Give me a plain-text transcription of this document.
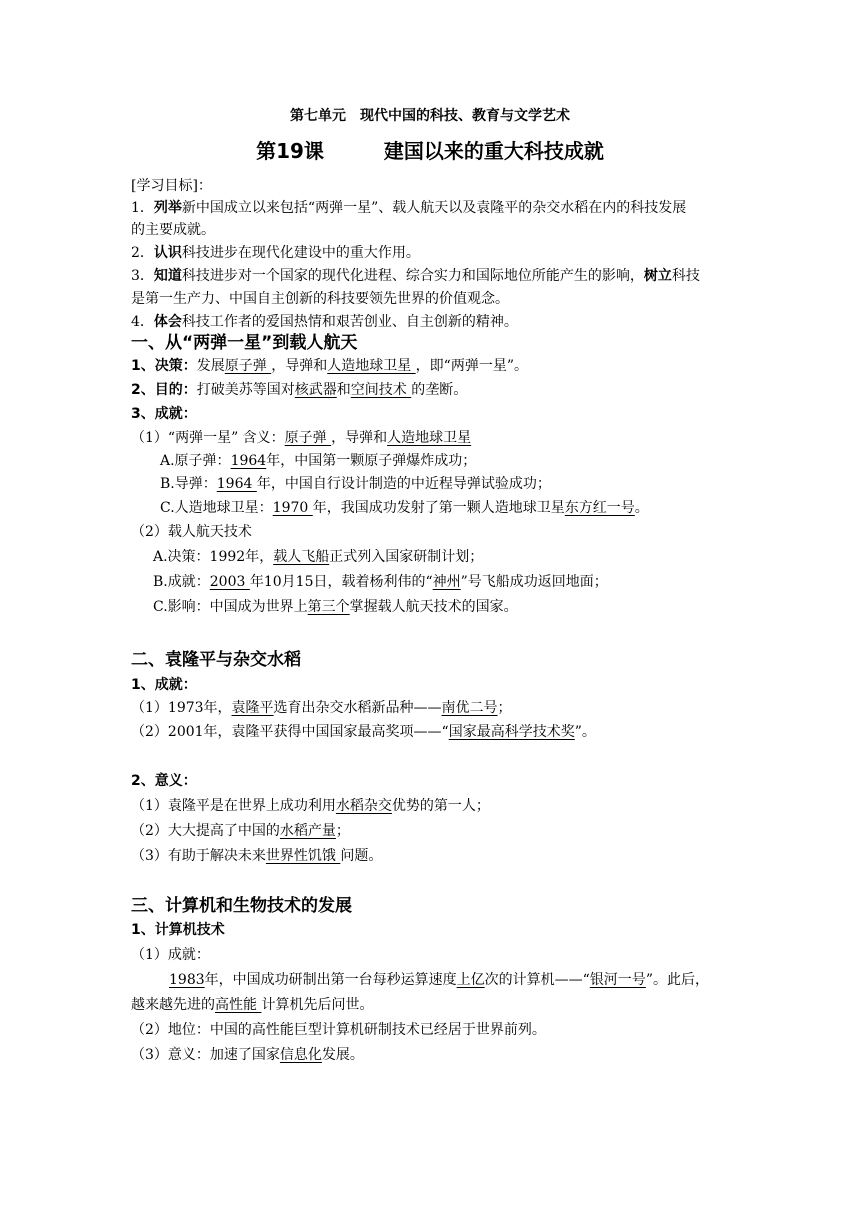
第七单元　现代中国的科技、教育与文学艺术
第19课	建国以来的重大科技成就
[学习目标]：
1．列举新中国成立以来包括“两弹一星”、载人航天以及袁隆平的杂交水稻在内的科技发展
的主要成就。
2．认识科技进步在现代化建设中的重大作用。
3．知道科技进步对一个国家的现代化进程、综合实力和国际地位所能产生的影响，树立科技
是第一生产力、中国自主创新的科技要领先世界的价值观念。
4．体会科技工作者的爱国热情和艰苦创业、自主创新的精神。
一、从“两弹一星”到载人航天
1、决策：发展原子弹 ，导弹和人造地球卫星 ，即“两弹一星”。
2、目的：打破美苏等国对核武器和空间技术 的垄断。
3、成就：
（1）“两弹一星” 含义：原子弹 ，导弹和人造地球卫星
A.原子弹：1964年，中国第一颗原子弹爆炸成功；
B.导弹：1964 年，中国自行设计制造的中近程导弹试验成功；
C.人造地球卫星：1970 年，我国成功发射了第一颗人造地球卫星东方红一号。
（2）载人航天技术
A.决策：1992年，载人飞船正式列入国家研制计划；
B.成就：2003 年10月15日，载着杨利伟的“神州”号飞船成功返回地面；
C.影响：中国成为世界上第三个掌握载人航天技术的国家。
二、袁隆平与杂交水稻
1、成就：
（1）1973年，袁隆平选育出杂交水稻新品种——南优二号；
（2）2001年，袁隆平获得中国国家最高奖项——“国家最高科学技术奖”。
2、意义：
（1）袁隆平是在世界上成功利用水稻杂交优势的第一人；
（2）大大提高了中国的水稻产量；
（3）有助于解决未来世界性饥饿 问题。
三、计算机和生物技术的发展
1、计算机技术
（1）成就：
1983年，中国成功研制出第一台每秒运算速度上亿次的计算机——“银河一号”。此后，
越来越先进的高性能 计算机先后问世。
（2）地位：中国的高性能巨型计算机研制技术已经居于世界前列。
（3）意义：加速了国家信息化发展。
